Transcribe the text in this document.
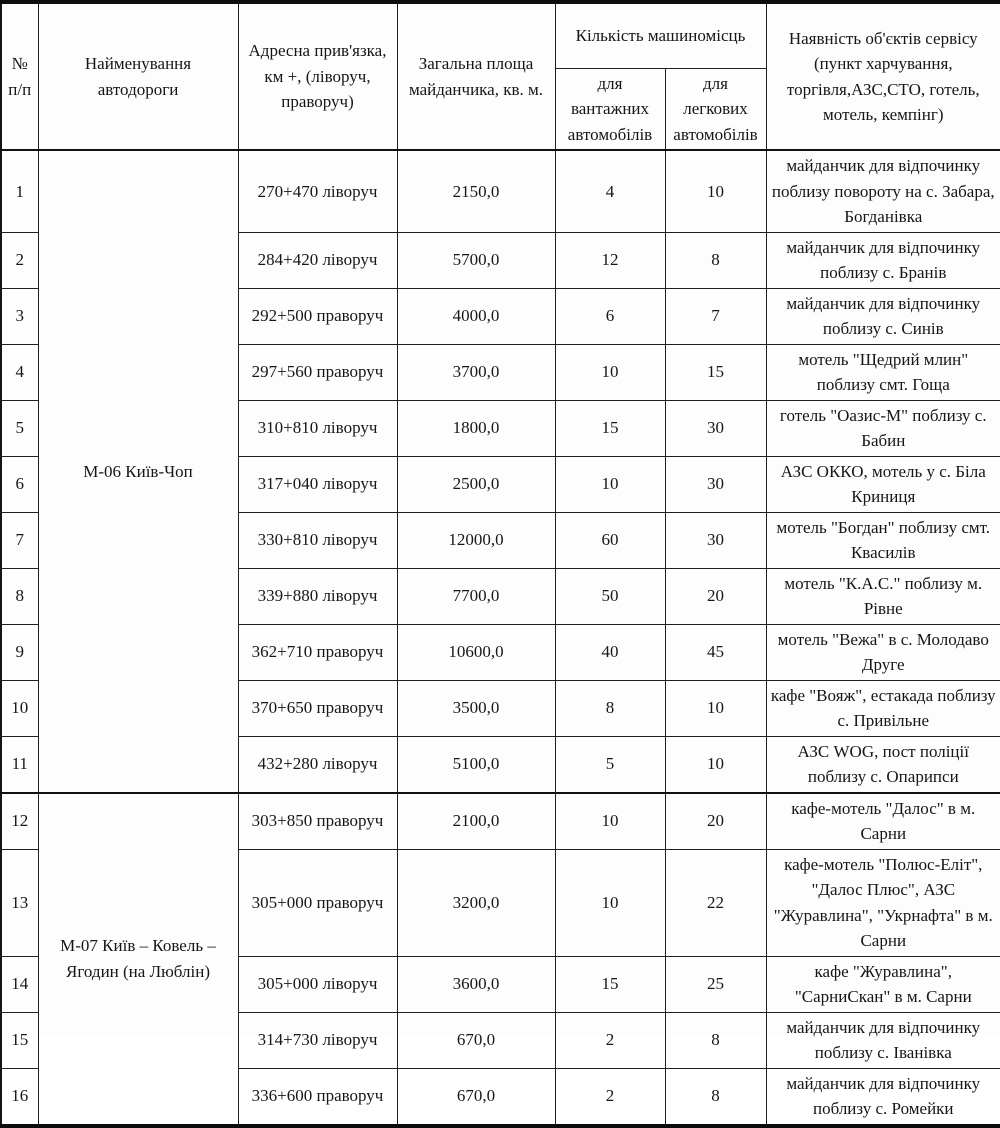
№ п/п	Найменування автодороги	Адресна прив'язка, км +, (ліворуч, праворуч)	Загальна площа майданчика, кв. м.	Кількість машиномісць		Наявність об'єктів сервісу (пункт харчування, торгівля,АЗС,СТО, готель, мотель, кемпінг)
				для вантажних автомобілів	для легкових автомобілів	
1	М-06 Київ-Чоп	270+470 ліворуч	2150,0	4	10	майданчик для відпочинку поблизу повороту на с. Забара, Богданівка
2		284+420 ліворуч	5700,0	12	8	майданчик для відпочинку поблизу с. Бранів
3		292+500 праворуч	4000,0	6	7	майданчик для відпочинку поблизу с. Синів
4		297+560 праворуч	3700,0	10	15	мотель "Щедрий млин" поблизу смт. Гоща
5		310+810 ліворуч	1800,0	15	30	готель "Оазис-М" поблизу с. Бабин
6		317+040 ліворуч	2500,0	10	30	АЗС ОККО, мотель у с. Біла Криниця
7		330+810 ліворуч	12000,0	60	30	мотель "Богдан" поблизу смт. Квасилів
8		339+880 ліворуч	7700,0	50	20	мотель "К.А.С." поблизу м. Рівне
9		362+710 праворуч	10600,0	40	45	мотель "Вежа" в с. Молодаво Друге
10		370+650 праворуч	3500,0	8	10	кафе "Вояж", естакада поблизу с. Привільне
11		432+280 ліворуч	5100,0	5	10	АЗС WOG, пост поліції поблизу с. Опарипси
12	М-07 Київ – Ковель – Ягодин (на Люблін)	303+850 праворуч	2100,0	10	20	кафе-мотель "Далос" в м. Сарни
13		305+000 праворуч	3200,0	10	22	кафе-мотель "Полюс-Еліт", "Далос Плюс", АЗС "Журавлина", "Укрнафта" в м. Сарни
14		305+000 ліворуч	3600,0	15	25	кафе "Журавлина", "СарниСкан" в м. Сарни
15		314+730 ліворуч	670,0	2	8	майданчик для відпочинку поблизу с. Іванівка
16		336+600 праворуч	670,0	2	8	майданчик для відпочинку поблизу с. Ромейки
